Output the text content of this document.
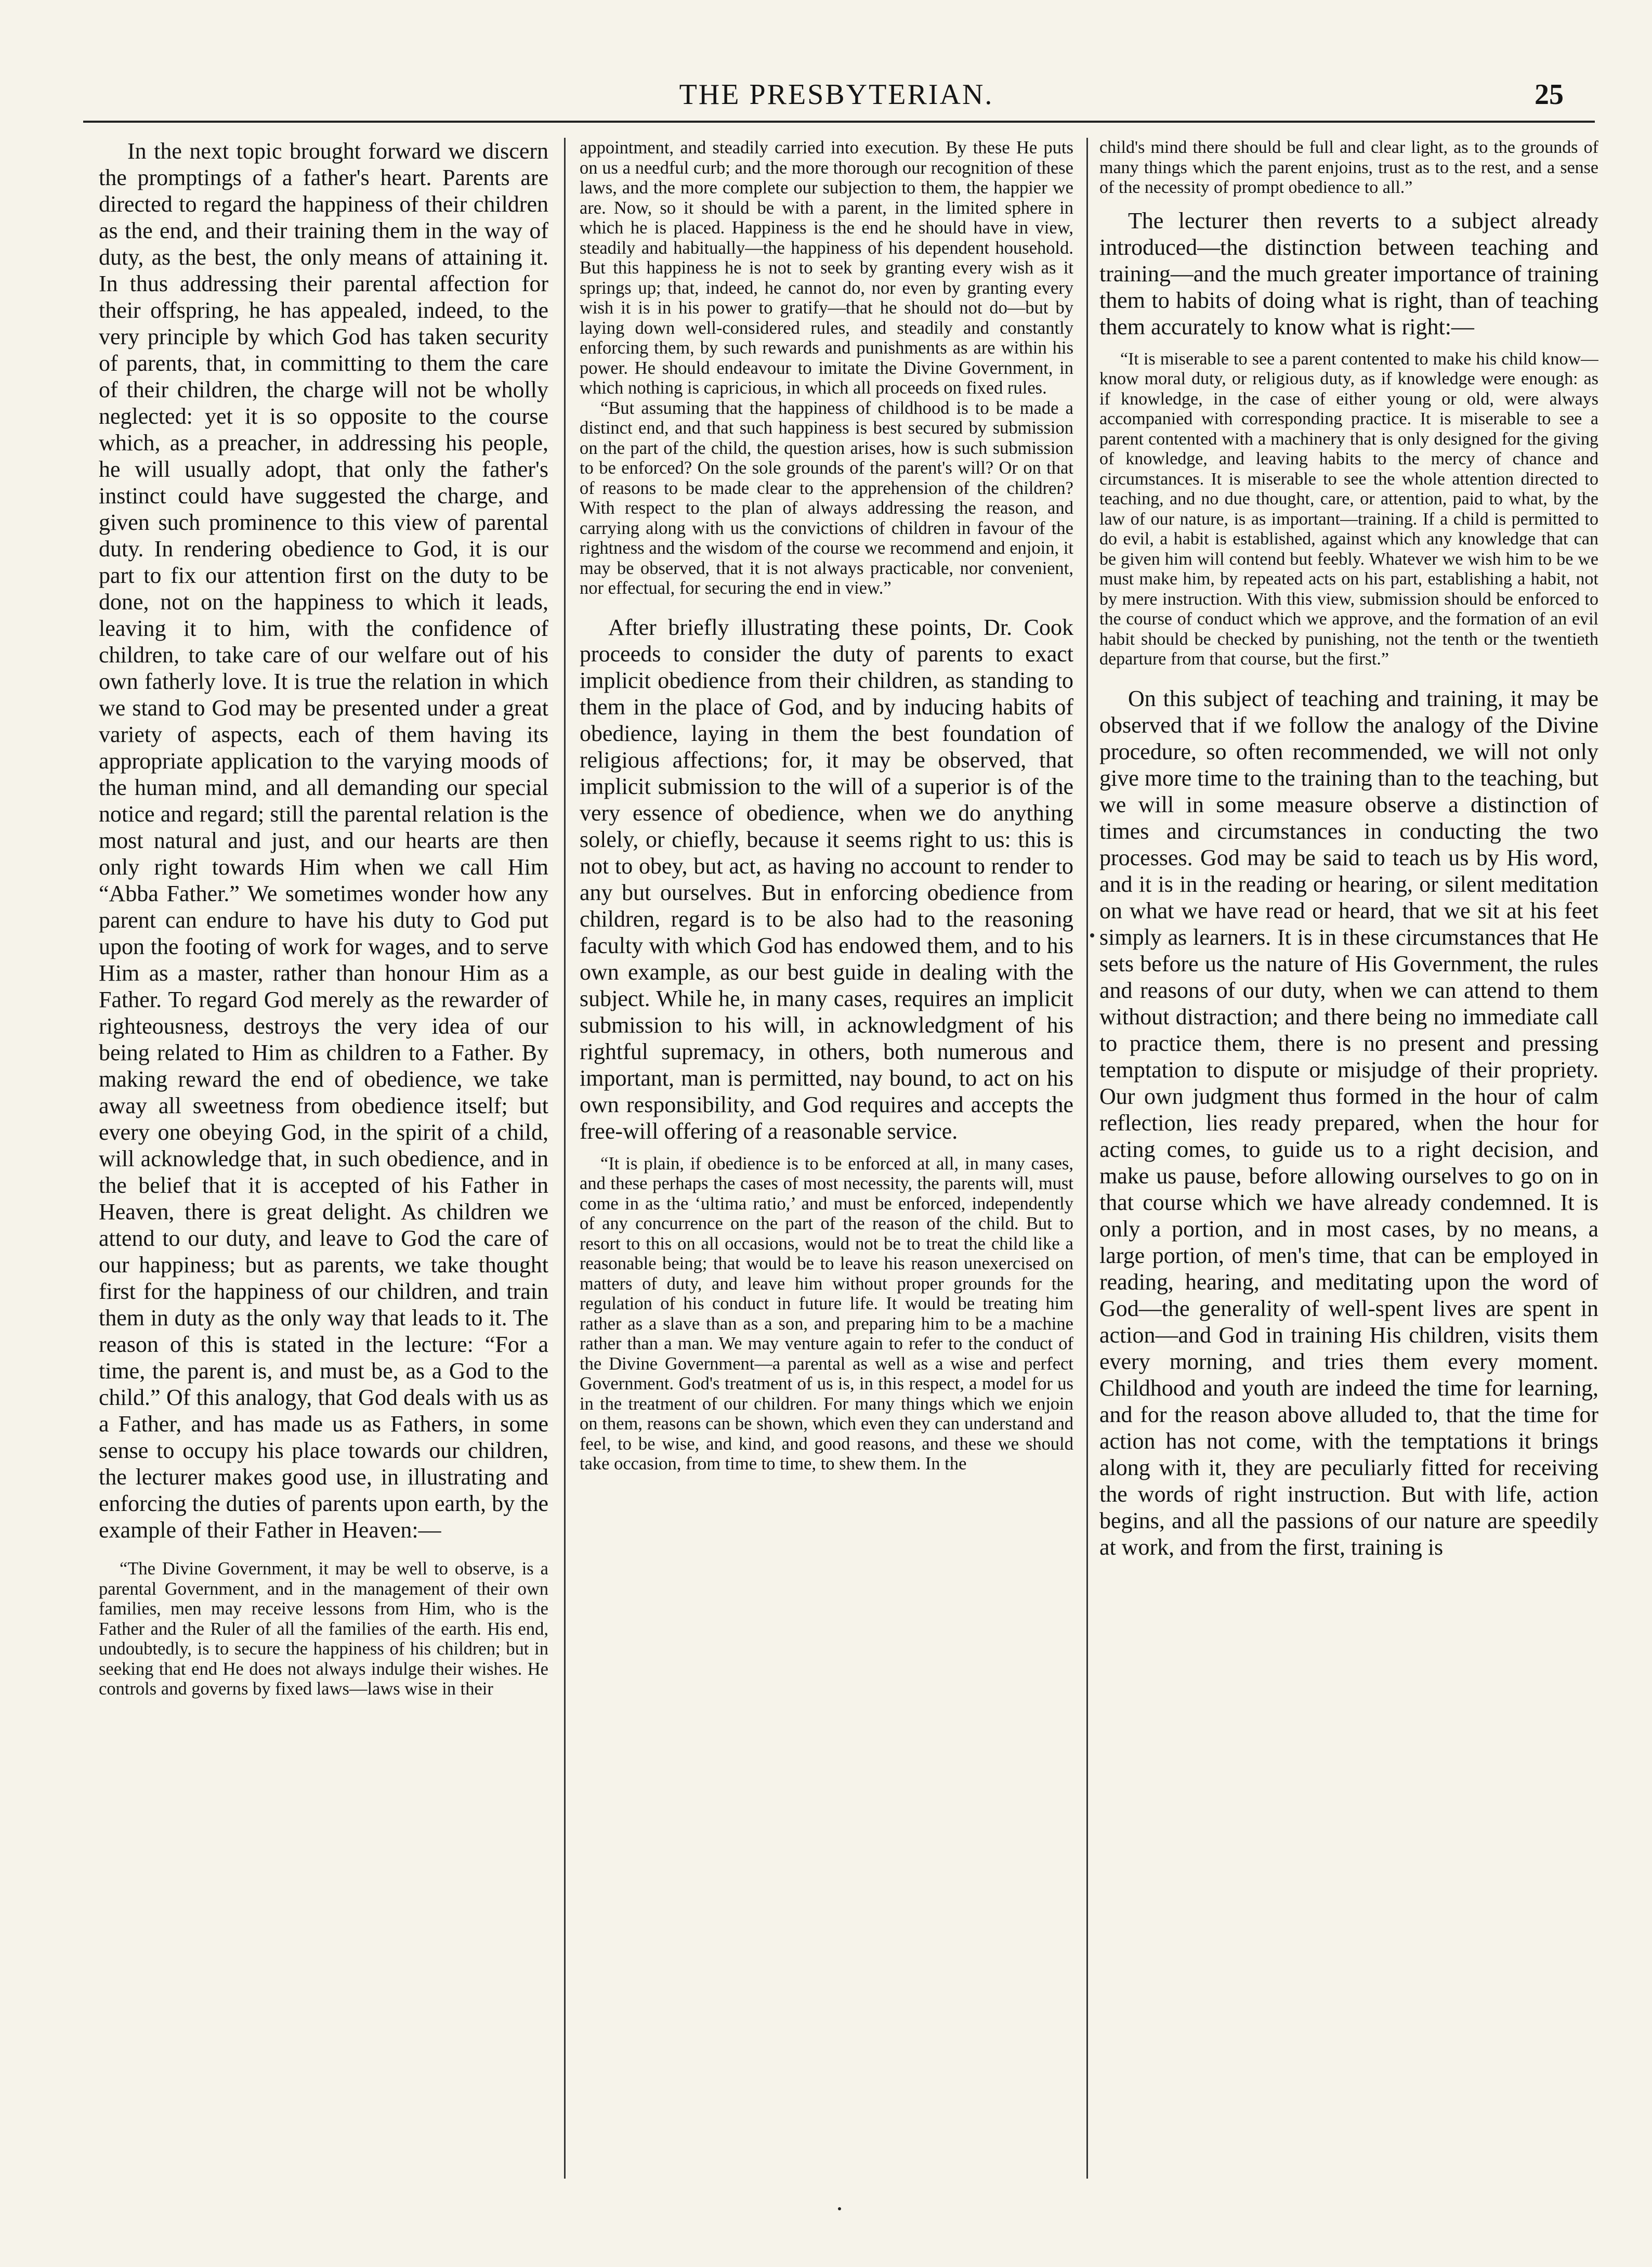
THE PRESBYTERIAN.	25

In the next topic brought forward we discern the promptings of a father's heart. Parents are directed to regard the happiness of their children as the end, and their training them in the way of duty, as the best, the only means of attaining it. In thus addressing their parental affection for their offspring, he has appealed, indeed, to the very principle by which God has taken security of parents, that, in committing to them the care of their children, the charge will not be wholly neglected: yet it is so opposite to the course which, as a preacher, in addressing his people, he will usually adopt, that only the father's instinct could have suggested the charge, and given such prominence to this view of parental duty. In rendering obedience to God, it is our part to fix our attention first on the duty to be done, not on the happiness to which it leads, leaving it to him, with the confidence of children, to take care of our welfare out of his own fatherly love. It is true the relation in which we stand to God may be presented under a great variety of aspects, each of them having its appropriate application to the varying moods of the human mind, and all demanding our special notice and regard; still the parental relation is the most natural and just, and our hearts are then only right towards Him when we call Him “Abba Father.” We sometimes wonder how any parent can endure to have his duty to God put upon the footing of work for wages, and to serve Him as a master, rather than honour Him as a Father. To regard God merely as the rewarder of righteousness, destroys the very idea of our being related to Him as children to a Father. By making reward the end of obedience, we take away all sweetness from obedience itself; but every one obeying God, in the spirit of a child, will acknowledge that, in such obedience, and in the belief that it is accepted of his Father in Heaven, there is great delight. As children we attend to our duty, and leave to God the care of our happiness; but as parents, we take thought first for the happiness of our children, and train them in duty as the only way that leads to it. The reason of this is stated in the lecture: “For a time, the parent is, and must be, as a God to the child.” Of this analogy, that God deals with us as a Father, and has made us as Fathers, in some sense to occupy his place towards our children, the lecturer makes good use, in illustrating and enforcing the duties of parents upon earth, by the example of their Father in Heaven:—

“The Divine Government, it may be well to observe, is a parental Government, and in the management of their own families, men may receive lessons from Him, who is the Father and the Ruler of all the families of the earth. His end, undoubtedly, is to secure the happiness of his children; but in seeking that end He does not always indulge their wishes. He controls and governs by fixed laws—laws wise in their

appointment, and steadily carried into execution. By these He puts on us a needful curb; and the more thorough our recognition of these laws, and the more complete our subjection to them, the happier we are. Now, so it should be with a parent, in the limited sphere in which he is placed. Happiness is the end he should have in view, steadily and habitually—the happiness of his dependent household. But this happiness he is not to seek by granting every wish as it springs up; that, indeed, he cannot do, nor even by granting every wish it is in his power to gratify—that he should not do—but by laying down well-considered rules, and steadily and constantly enforcing them, by such rewards and punishments as are within his power. He should endeavour to imitate the Divine Government, in which nothing is capricious, in which all proceeds on fixed rules.

“But assuming that the happiness of childhood is to be made a distinct end, and that such happiness is best secured by submission on the part of the child, the question arises, how is such submission to be enforced? On the sole grounds of the parent's will? Or on that of reasons to be made clear to the apprehension of the children? With respect to the plan of always addressing the reason, and carrying along with us the convictions of children in favour of the rightness and the wisdom of the course we recommend and enjoin, it may be observed, that it is not always practicable, nor convenient, nor effectual, for securing the end in view.”

After briefly illustrating these points, Dr. Cook proceeds to consider the duty of parents to exact implicit obedience from their children, as standing to them in the place of God, and by inducing habits of obedience, laying in them the best foundation of religious affections; for, it may be observed, that implicit submission to the will of a superior is of the very essence of obedience, when we do anything solely, or chiefly, because it seems right to us: this is not to obey, but act, as having no account to render to any but ourselves. But in enforcing obedience from children, regard is to be also had to the reasoning faculty with which God has endowed them, and to his own example, as our best guide in dealing with the subject. While he, in many cases, requires an implicit submission to his will, in acknowledgment of his rightful supremacy, in others, both numerous and important, man is permitted, nay bound, to act on his own responsibility, and God requires and accepts the free-will offering of a reasonable service.

“It is plain, if obedience is to be enforced at all, in many cases, and these perhaps the cases of most necessity, the parents will, must come in as the ‘ultima ratio,’ and must be enforced, independently of any concurrence on the part of the reason of the child. But to resort to this on all occasions, would not be to treat the child like a reasonable being; that would be to leave his reason unexercised on matters of duty, and leave him without proper grounds for the regulation of his conduct in future life. It would be treating him rather as a slave than as a son, and preparing him to be a machine rather than a man. We may venture again to refer to the conduct of the Divine Government—a parental as well as a wise and perfect Government. God's treatment of us is, in this respect, a model for us in the treatment of our children. For many things which we enjoin on them, reasons can be shown, which even they can understand and feel, to be wise, and kind, and good reasons, and these we should take occasion, from time to time, to shew them. In the

child's mind there should be full and clear light, as to the grounds of many things which the parent enjoins, trust as to the rest, and a sense of the necessity of prompt obedience to all.”

The lecturer then reverts to a subject already introduced—the distinction between teaching and training—and the much greater importance of training them to habits of doing what is right, than of teaching them accurately to know what is right:—

“It is miserable to see a parent contented to make his child know—know moral duty, or religious duty, as if knowledge were enough: as if knowledge, in the case of either young or old, were always accompanied with corresponding practice. It is miserable to see a parent contented with a machinery that is only designed for the giving of knowledge, and leaving habits to the mercy of chance and circumstances. It is miserable to see the whole attention directed to teaching, and no due thought, care, or attention, paid to what, by the law of our nature, is as important—training. If a child is permitted to do evil, a habit is established, against which any knowledge that can be given him will contend but feebly. Whatever we wish him to be we must make him, by repeated acts on his part, establishing a habit, not by mere instruction. With this view, submission should be enforced to the course of conduct which we approve, and the formation of an evil habit should be checked by punishing, not the tenth or the twentieth departure from that course, but the first.”

On this subject of teaching and training, it may be observed that if we follow the analogy of the Divine procedure, so often recommended, we will not only give more time to the training than to the teaching, but we will in some measure observe a distinction of times and circumstances in conducting the two processes. God may be said to teach us by His word, and it is in the reading or hearing, or silent meditation on what we have read or heard, that we sit at his feet simply as learners. It is in these circumstances that He sets before us the nature of His Government, the rules and reasons of our duty, when we can attend to them without distraction; and there being no immediate call to practice them, there is no present and pressing temptation to dispute or misjudge of their propriety. Our own judgment thus formed in the hour of calm reflection, lies ready prepared, when the hour for acting comes, to guide us to a right decision, and make us pause, before allowing ourselves to go on in that course which we have already condemned. It is only a portion, and in most cases, by no means, a large portion, of men's time, that can be employed in reading, hearing, and meditating upon the word of God—the generality of well-spent lives are spent in action—and God in training His children, visits them every morning, and tries them every moment. Childhood and youth are indeed the time for learning, and for the reason above alluded to, that the time for action has not come, with the temptations it brings along with it, they are peculiarly fitted for receiving the words of right instruction. But with life, action begins, and all the passions of our nature are speedily at work, and from the first, training is
